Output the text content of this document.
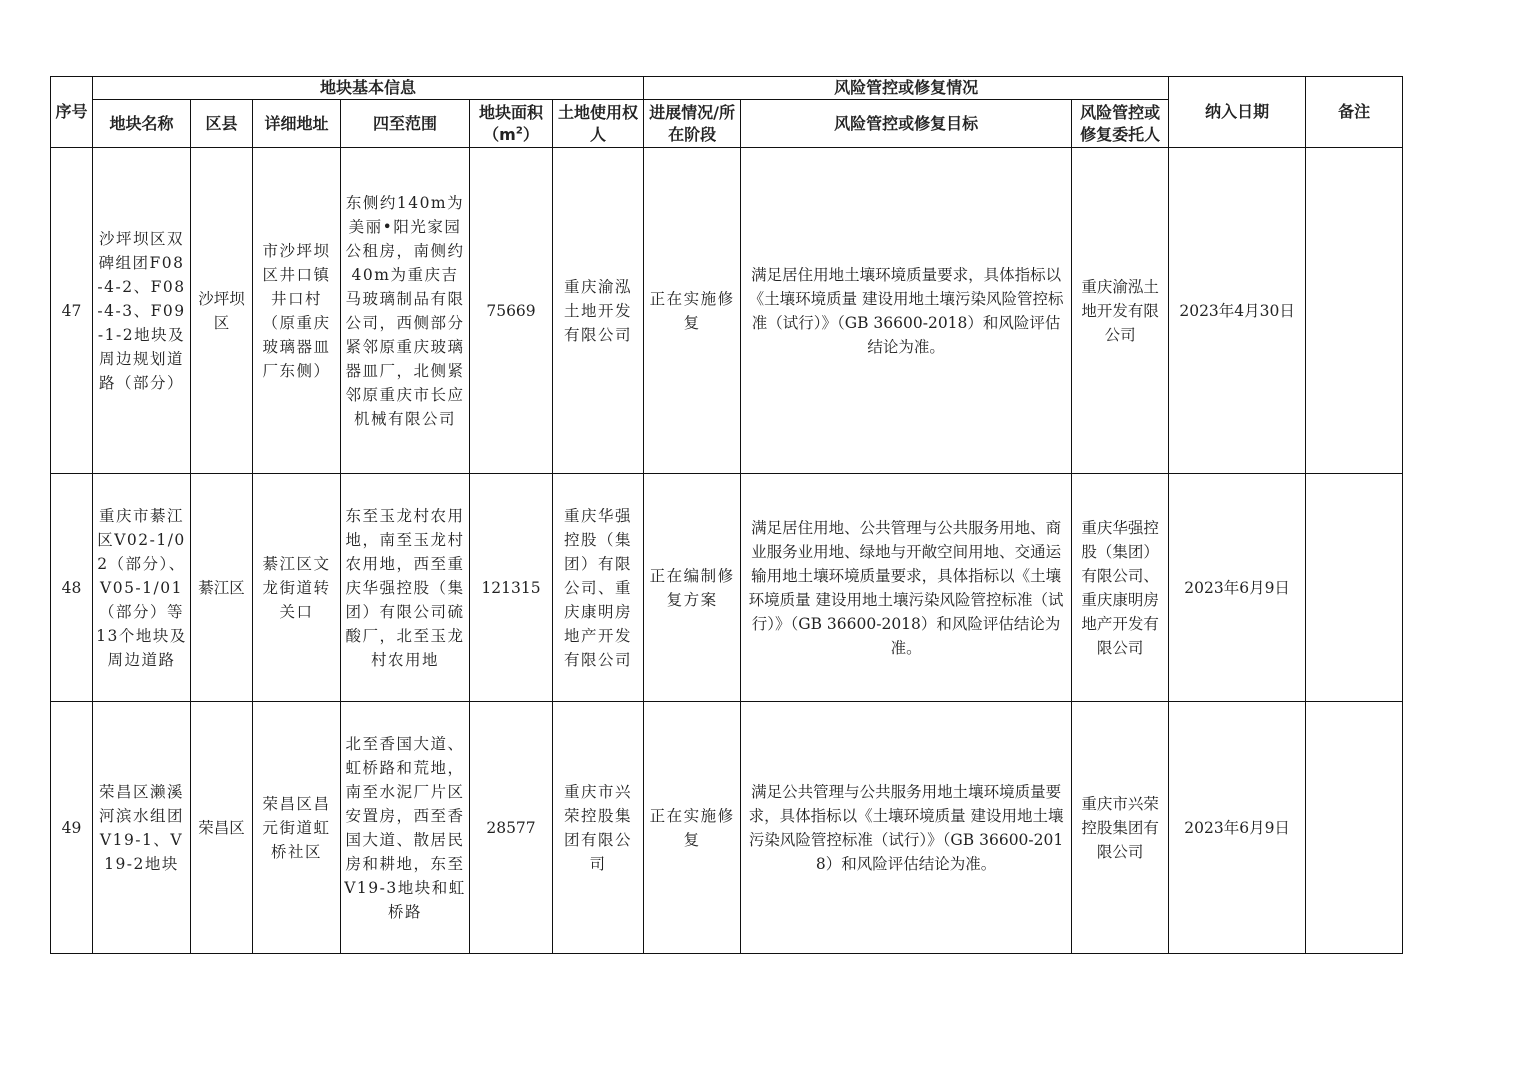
序号	地块基本信息						风险管控或修复情况			纳入日期	备注
	地块名称	区县	详细地址	四至范围	地块面积$(m^2)$	土地使用权人	进展情况/所在阶段	风险管控或修复目标	风险管控或修复委托人		
47	沙坪坝区双碑组团F08-4-2、F08-4-3、F09-1-2地块及周边规划道路（部分）	沙坪坝区	市沙坪坝区井口镇井口村（原重庆玻璃器皿厂东侧）	东侧约140m为美丽•阳光家园公租房，南侧约40m为重庆吉马玻璃制品有限公司，西侧部分紧邻原重庆玻璃器皿厂，北侧紧邻原重庆市长应机械有限公司	75669	重庆渝泓土地开发有限公司	正在实施修复	满足居住用地土壤环境质量要求，具体指标以《土壤环境质量 建设用地土壤污染风险管控标准（试行）》（GB 36600-2018）和风险评估结论为准。	重庆渝泓土地开发有限公司	2023年4月30日	
48	重庆市綦江区V02-1/02（部分）、V05-1/01（部分）等13个地块及周边道路	綦江区	綦江区文龙街道转关口	东至玉龙村农用地，南至玉龙村农用地，西至重庆华强控股（集团）有限公司硫酸厂，北至玉龙村农用地	121315	重庆华强控股（集团）有限公司、重庆康明房地产开发有限公司	正在编制修复方案	满足居住用地、公共管理与公共服务用地、商业服务业用地、绿地与开敞空间用地、交通运输用地土壤环境质量要求，具体指标以《土壤环境质量 建设用地土壤污染风险管控标准（试行）》（GB 36600-2018）和风险评估结论为准。	重庆华强控股（集团）有限公司、重庆康明房地产开发有限公司	2023年6月9日	
49	荣昌区濑溪河滨水组团V19-1、V19-2地块	荣昌区	荣昌区昌元街道虹桥社区	北至香国大道、虹桥路和荒地，南至水泥厂片区安置房，西至香国大道、散居民房和耕地，东至V19-3地块和虹桥路	28577	重庆市兴荣控股集团有限公司	正在实施修复	满足公共管理与公共服务用地土壤环境质量要求，具体指标以《土壤环境质量 建设用地土壤污染风险管控标准（试行）》（GB 36600-2018）和风险评估结论为准。	重庆市兴荣控股集团有限公司	2023年6月9日	
